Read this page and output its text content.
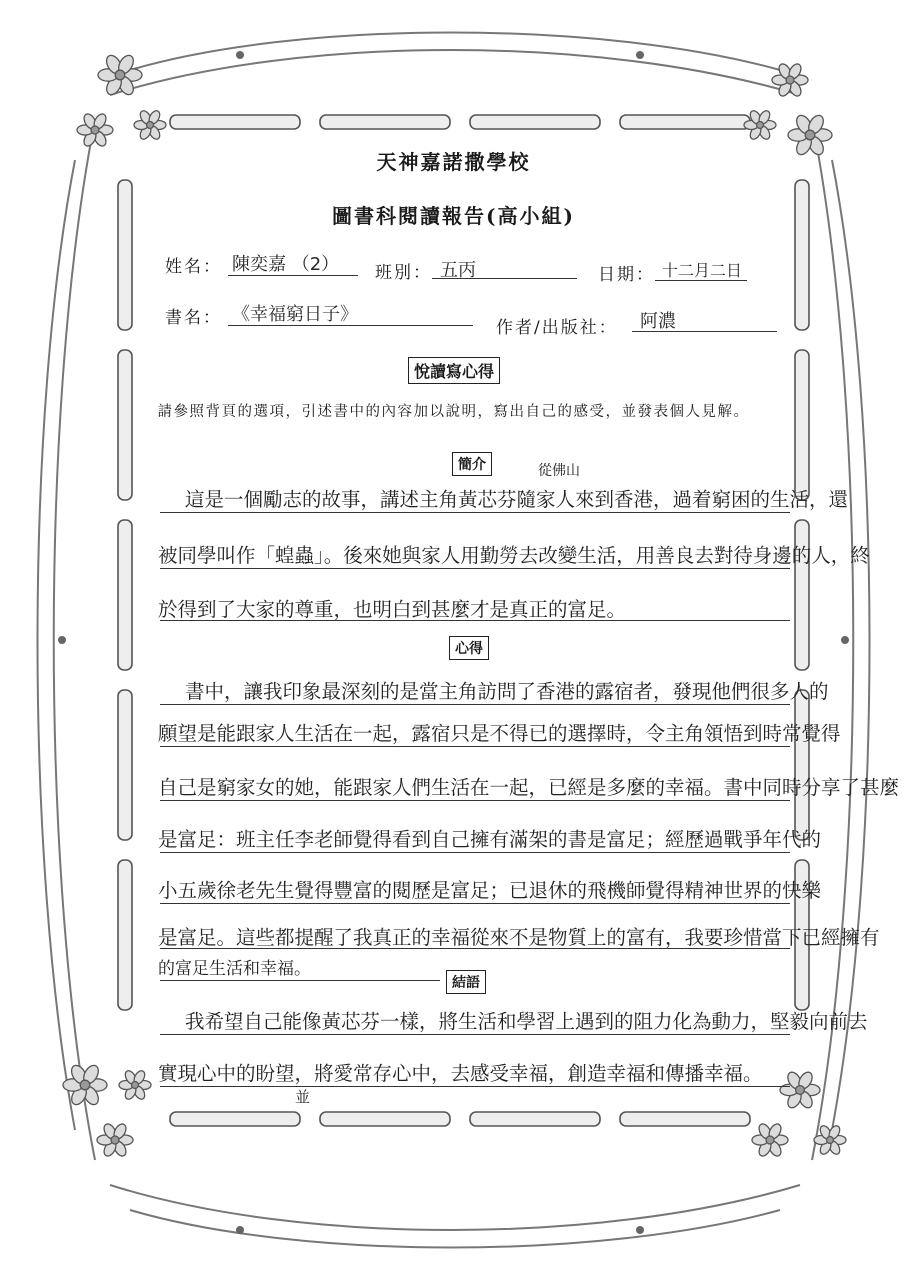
天神嘉諾撒學校
圖書科閱讀報告(高小組)
姓名： 陳奕嘉 （2） 班別： 五丙	日期： 十二月二日
書名： 《幸福窮日子》
作者/出版社： 阿濃
悅讀寫心得
請參照背頁的選項，引述書中的內容加以說明，寫出自己的感受，並發表個人見解。
簡介	從佛山
這是一個勵志的故事，講述主角黃芯芬隨家人來到香港，過着窮困的生活，還
被同學叫作「蝗蟲」。後來她與家人用勤勞去改變生活，用善良去對待身邊的人，終
於得到了大家的尊重，也明白到甚麼才是真正的富足。
心得
書中，讓我印象最深刻的是當主角訪問了香港的露宿者，發現他們很多人的
願望是能跟家人生活在一起，露宿只是不得已的選擇時，令主角領悟到時常覺得
自己是窮家女的她，能跟家人們生活在一起，已經是多麼的幸福。書中同時分享了甚麼
是富足：班主任李老師覺得看到自己擁有滿架的書是富足；經歷過戰爭年代的
小五歲徐老先生覺得豐富的閱歷是富足；已退休的飛機師覺得精神世界的快樂
是富足。這些都提醒了我真正的幸福從來不是物質上的富有，我要珍惜當下已經擁有
的富足生活和幸福。
結語
我希望自己能像黃芯芬一樣，將生活和學習上遇到的阻力化為動力，堅毅向前去
實現心中的盼望，將愛常存心中，去感受幸福，創造幸福和傳播幸福。
並
